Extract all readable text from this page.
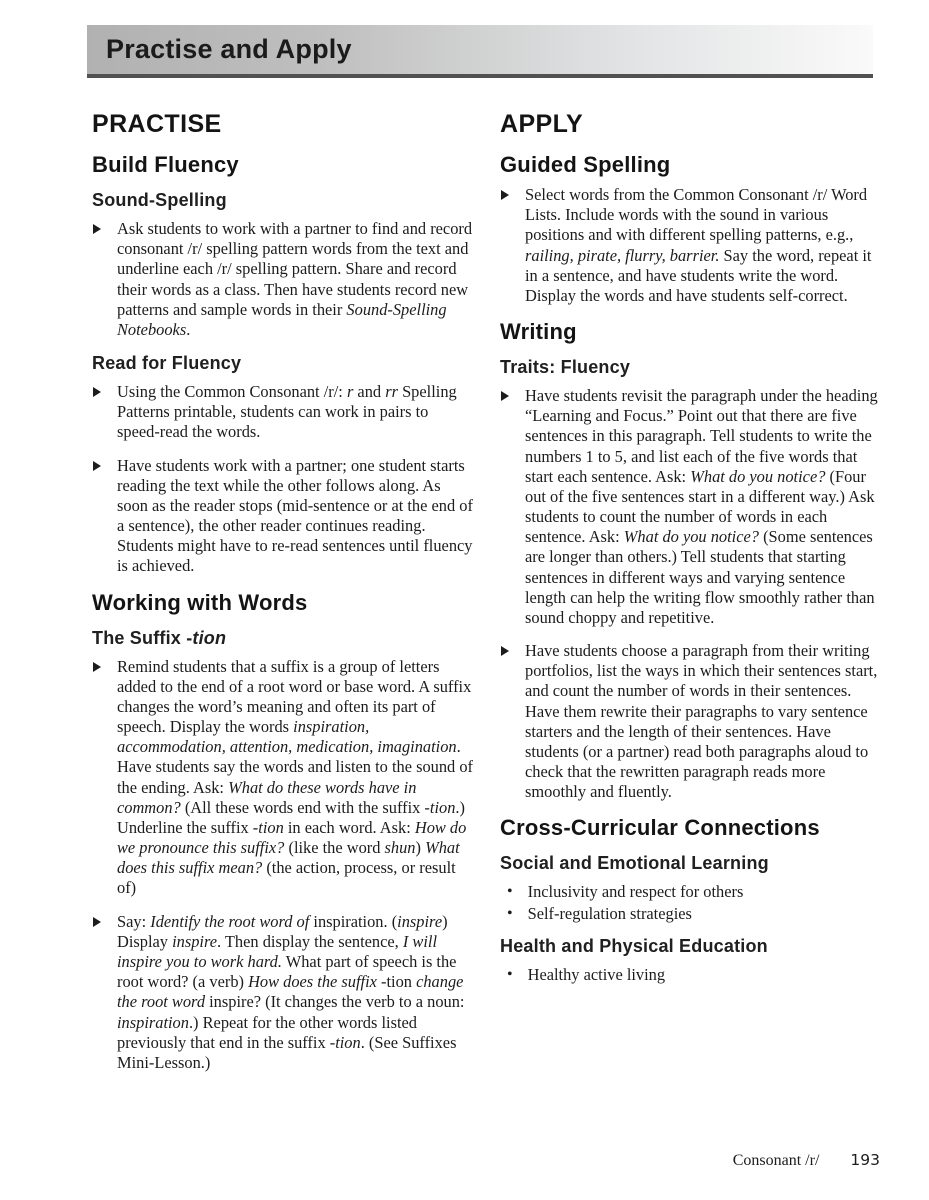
Practise and Apply
PRACTISE
Build Fluency
Sound-Spelling

Ask students to work with a partner to find and record consonant /r/ spelling pattern words from the text and underline each /r/ spelling pattern. Share and record their words as a class. Then have students record new patterns and sample words in their Sound-Spelling Notebooks.

Read for Fluency

Using the Common Consonant /r/: r and rr Spelling Patterns printable, students can work in pairs to speed-read the words.

Have students work with a partner; one student starts reading the text while the other follows along. As soon as the reader stops (mid-sentence or at the end of a sentence), the other reader continues reading. Students might have to re-read sentences until fluency is achieved.

Working with Words
The Suffix -tion

Remind students that a suffix is a group of letters added to the end of a root word or base word. A suffix changes the word’s meaning and often its part of speech. Display the words inspiration, accommodation, attention, medication, imagination. Have students say the words and listen to the sound of the ending. Ask: What do these words have in common? (All these words end with the suffix -tion.) Underline the suffix -tion in each word. Ask: How do we pronounce this suffix? (like the word shun) What does this suffix mean? (the action, process, or result of)

Say: Identify the root word of inspiration. (inspire) Display inspire. Then display the sentence, I will inspire you to work hard. What part of speech is the root word? (a verb) How does the suffix -tion change the root word inspire? (It changes the verb to a noun: inspiration.) Repeat for the other words listed previously that end in the suffix -tion. (See Suffixes Mini-Lesson.)

APPLY
Guided Spelling

Select words from the Common Consonant /r/ Word Lists. Include words with the sound in various positions and with different spelling patterns, e.g., railing, pirate, flurry, barrier. Say the word, repeat it in a sentence, and have students write the word. Display the words and have students self-correct.

Writing
Traits: Fluency

Have students revisit the paragraph under the heading “Learning and Focus.” Point out that there are five sentences in this paragraph. Tell students to write the numbers 1 to 5, and list each of the five words that start each sentence. Ask: What do you notice? (Four out of the five sentences start in a different way.) Ask students to count the number of words in each sentence. Ask: What do you notice? (Some sentences are longer than others.) Tell students that starting sentences in different ways and varying sentence length can help the writing flow smoothly rather than sound choppy and repetitive.

Have students choose a paragraph from their writing portfolios, list the ways in which their sentences start, and count the number of words in their sentences. Have them rewrite their paragraphs to vary sentence starters and the length of their sentences. Have students (or a partner) read both paragraphs aloud to check that the rewritten paragraph reads more smoothly and fluently.

Cross-Curricular Connections
Social and Emotional Learning
• Inclusivity and respect for others

• Self-regulation strategies

Health and Physical Education
• Healthy active living

Consonant /r/ 193
